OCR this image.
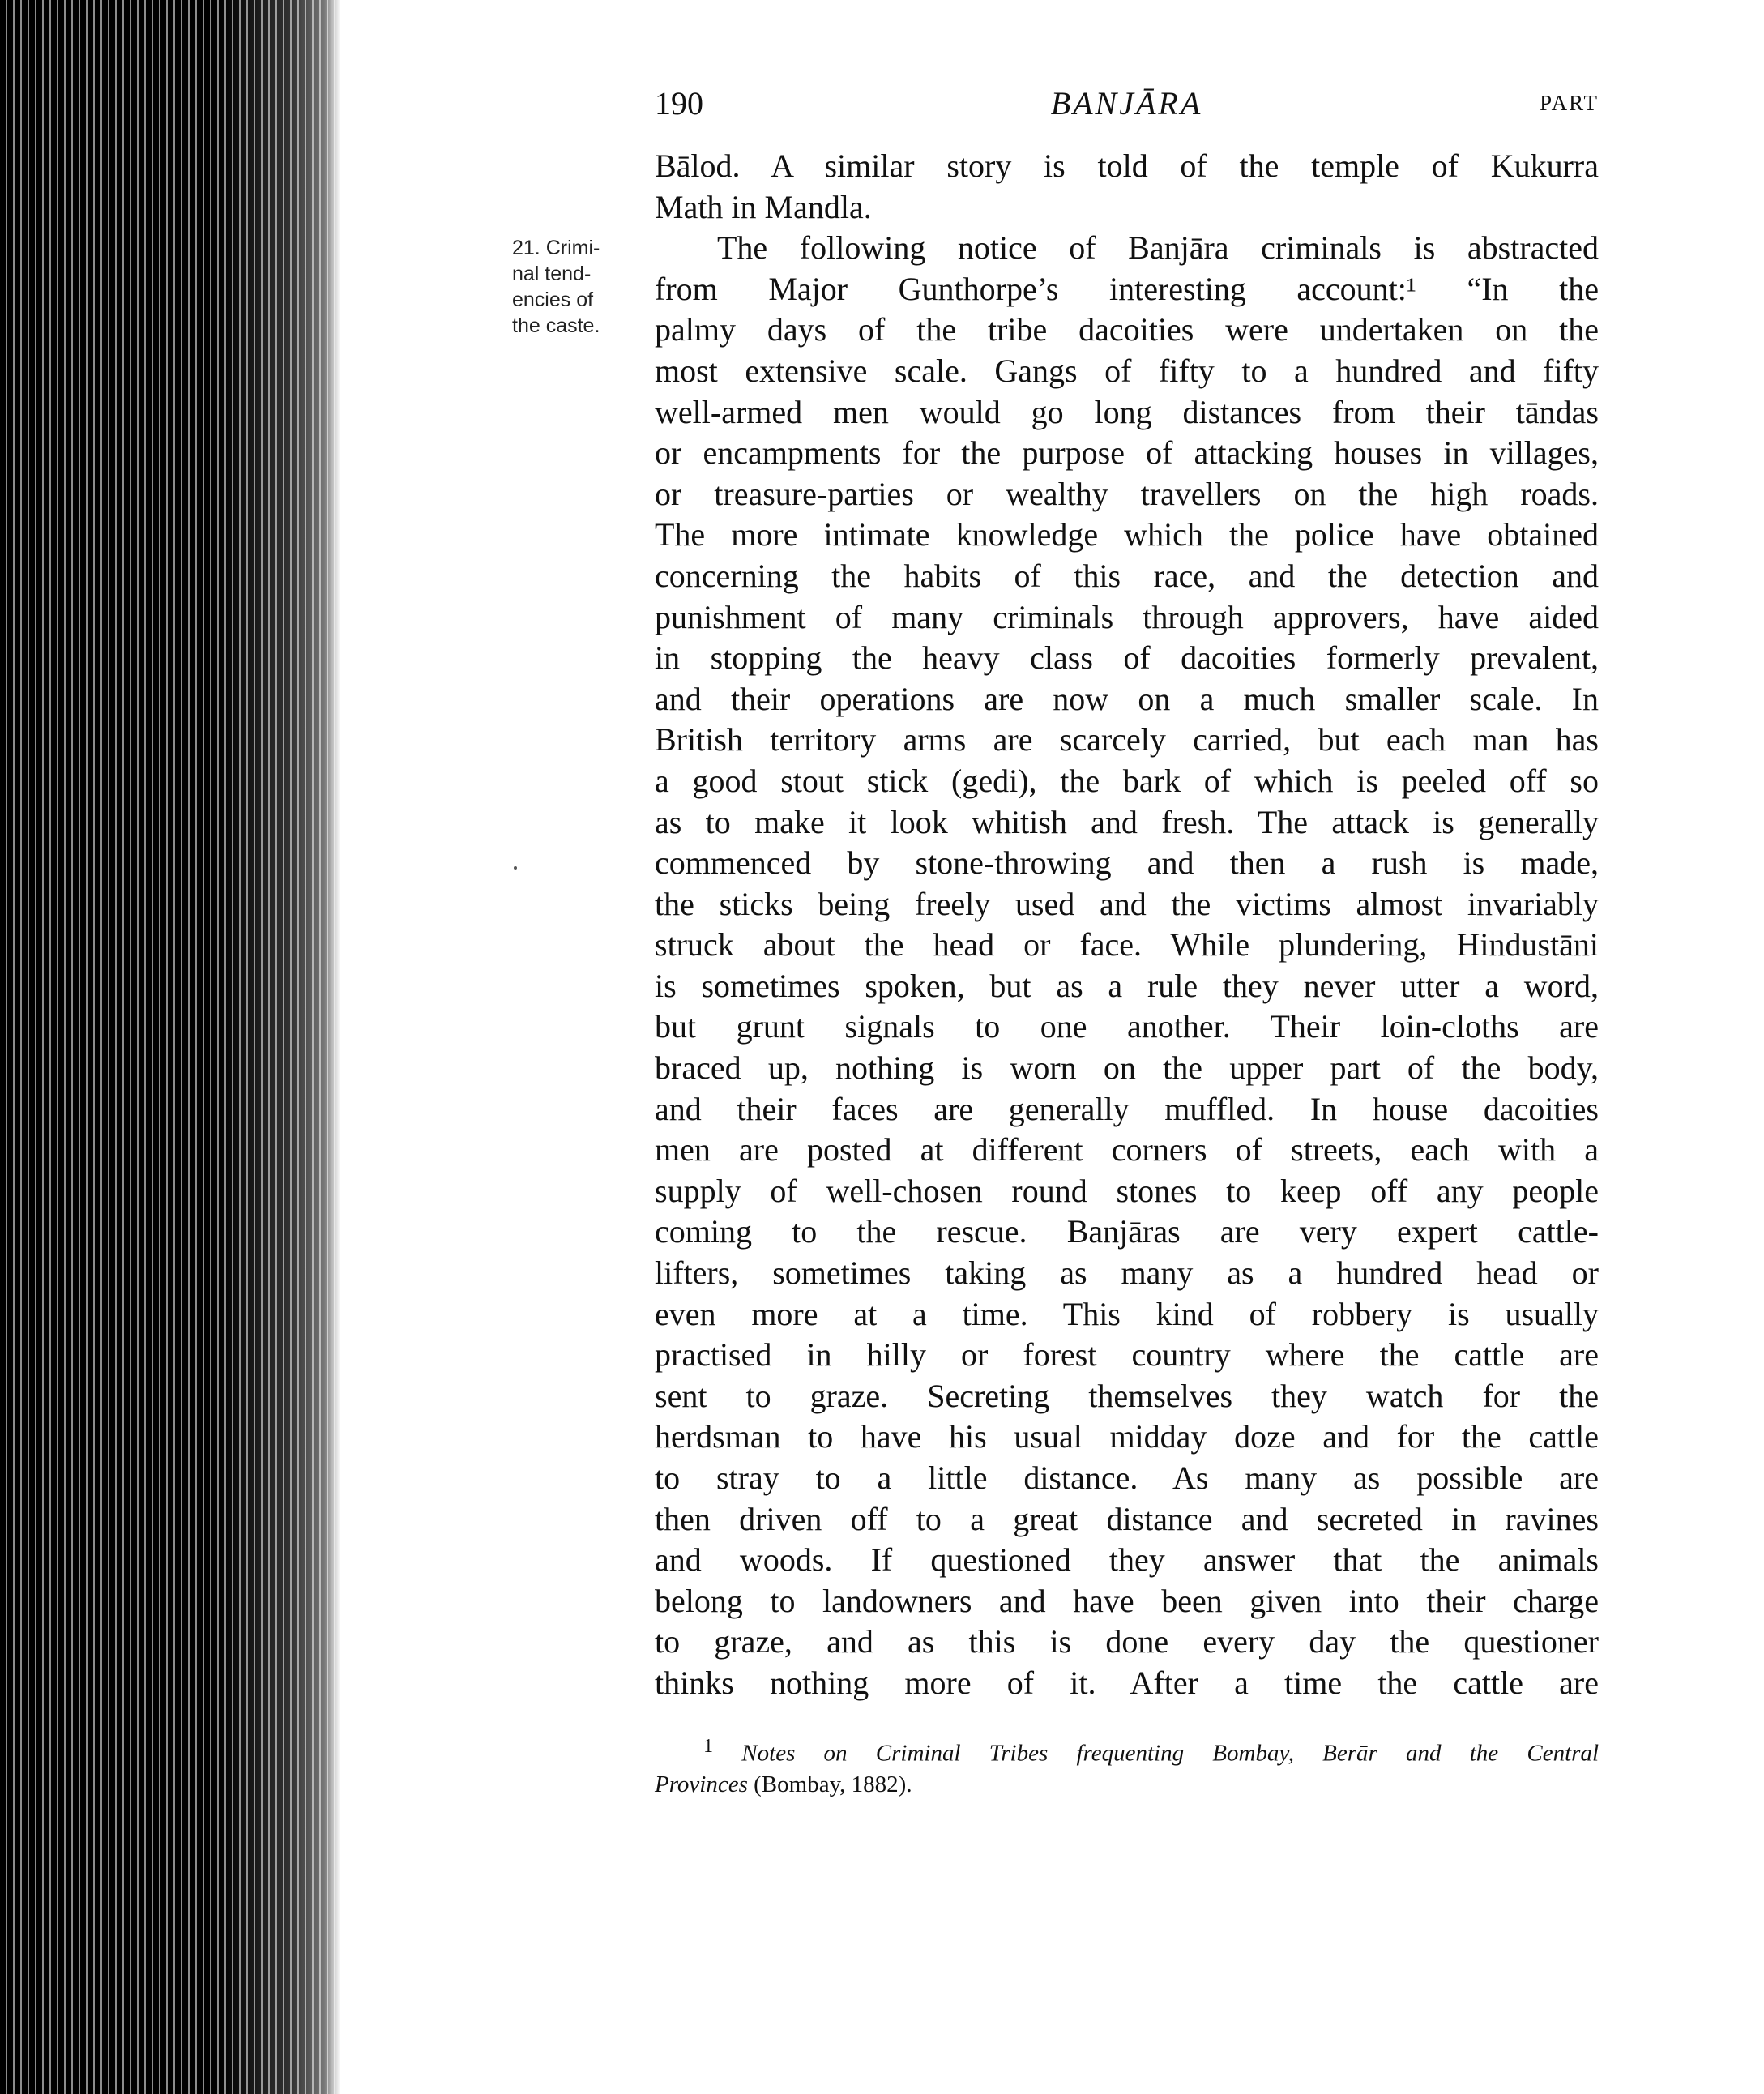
190	BANJĀRA	PART
21. Crimi-
nal tend-
encies of
the caste.
Bālod. A similar story is told of the temple of Kukurra
Math in Mandla.
The following notice of Banjāra criminals is abstracted
from Major Gunthorpe’s interesting account:¹ “In the
palmy days of the tribe dacoities were undertaken on the
most extensive scale. Gangs of fifty to a hundred and fifty
well-armed men would go long distances from their tāndas
or encampments for the purpose of attacking houses in villages,
or treasure-parties or wealthy travellers on the high roads.
The more intimate knowledge which the police have obtained
concerning the habits of this race, and the detection and
punishment of many criminals through approvers, have aided
in stopping the heavy class of dacoities formerly prevalent,
and their operations are now on a much smaller scale. In
British territory arms are scarcely carried, but each man has
a good stout stick (gedi), the bark of which is peeled off so
as to make it look whitish and fresh. The attack is generally
commenced by stone-throwing and then a rush is made,
the sticks being freely used and the victims almost invariably
struck about the head or face. While plundering, Hindustāni
is sometimes spoken, but as a rule they never utter a word,
but grunt signals to one another. Their loin-cloths are
braced up, nothing is worn on the upper part of the body,
and their faces are generally muffled. In house dacoities
men are posted at different corners of streets, each with a
supply of well-chosen round stones to keep off any people
coming to the rescue. Banjāras are very expert cattle-
lifters, sometimes taking as many as a hundred head or
even more at a time. This kind of robbery is usually
practised in hilly or forest country where the cattle are
sent to graze. Secreting themselves they watch for the
herdsman to have his usual midday doze and for the cattle
to stray to a little distance. As many as possible are
then driven off to a great distance and secreted in ravines
and woods. If questioned they answer that the animals
belong to landowners and have been given into their charge
to graze, and as this is done every day the questioner
thinks nothing more of it. After a time the cattle are
$^1$ Notes on Criminal Tribes frequenting Bombay, Berār and the Central
Provinces (Bombay, 1882).
